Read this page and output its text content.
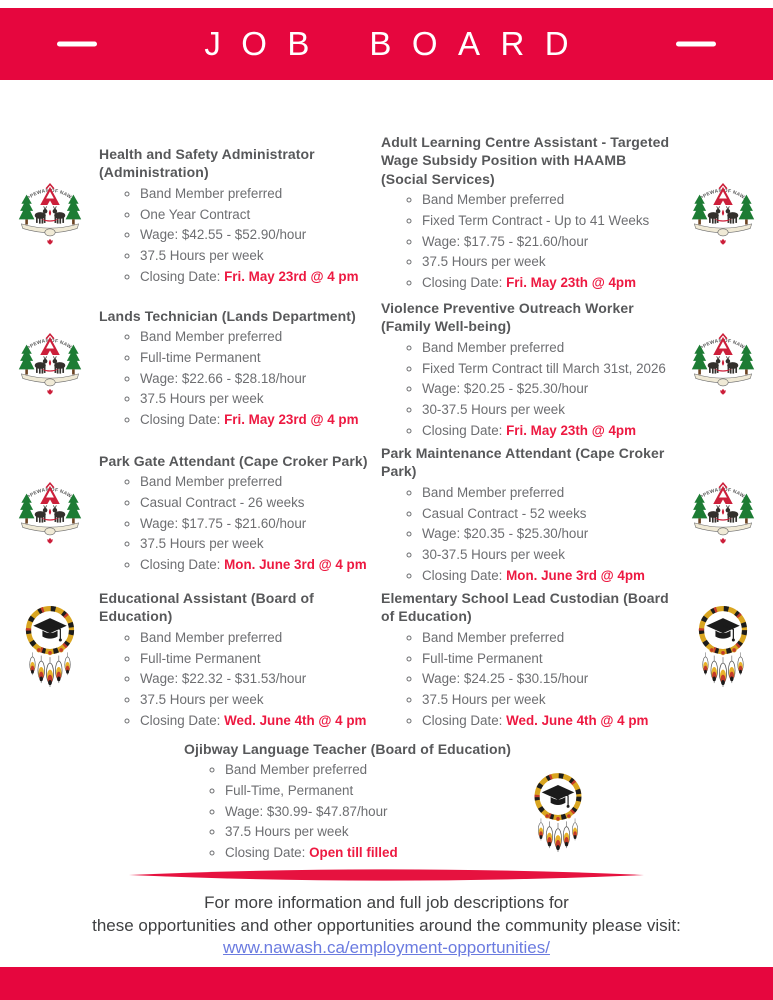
JOB BOARD
Health and Safety Administrator (Administration)
◦ Band Member preferred
◦ One Year Contract
◦ Wage: $42.55 - $52.90/hour
◦ 37.5 Hours per week
◦ Closing Date: Fri. May 23rd @ 4 pm
Adult Learning Centre Assistant - Targeted Wage Subsidy Position with HAAMB (Social Services)
◦ Band Member preferred
◦ Fixed Term Contract - Up to 41 Weeks
◦ Wage: $17.75 - $21.60/hour
◦ 37.5 Hours per week
◦ Closing Date: Fri. May 23th @ 4pm
Lands Technician (Lands Department)
◦ Band Member preferred
◦ Full-time Permanent
◦ Wage: $22.66 - $28.18/hour
◦ 37.5 Hours per week
◦ Closing Date: Fri. May 23rd @ 4 pm
Violence Preventive Outreach Worker (Family Well-being)
◦ Band Member preferred
◦ Fixed Term Contract till March 31st, 2026
◦ Wage: $20.25 - $25.30/hour
◦ 30-37.5 Hours per week
◦ Closing Date: Fri. May 23th @ 4pm
Park Gate Attendant (Cape Croker Park)
◦ Band Member preferred
◦ Casual Contract - 26 weeks
◦ Wage: $17.75 - $21.60/hour
◦ 37.5 Hours per week
◦ Closing Date: Mon. June 3rd @ 4 pm
Park Maintenance Attendant (Cape Croker Park)
◦ Band Member preferred
◦ Casual Contract - 52 weeks
◦ Wage: $20.35 - $25.30/hour
◦ 30-37.5 Hours per week
◦ Closing Date: Mon. June 3rd @ 4pm
Educational Assistant (Board of Education)
◦ Band Member preferred
◦ Full-time Permanent
◦ Wage: $22.32 - $31.53/hour
◦ 37.5 Hours per week
◦ Closing Date: Wed. June 4th @ 4 pm
Elementary School Lead Custodian (Board of Education)
◦ Band Member preferred
◦ Full-time Permanent
◦ Wage: $24.25 - $30.15/hour
◦ 37.5 Hours per week
◦ Closing Date: Wed. June 4th @ 4 pm
Ojibway Language Teacher (Board of Education)
◦ Band Member preferred
◦ Full-Time, Permanent
◦ Wage: $30.99- $47.87/hour
◦ 37.5 Hours per week
◦ Closing Date: Open till filled
For more information and full job descriptions for
these opportunities and other opportunities around the community please visit:
www.nawash.ca/employment-opportunities/
